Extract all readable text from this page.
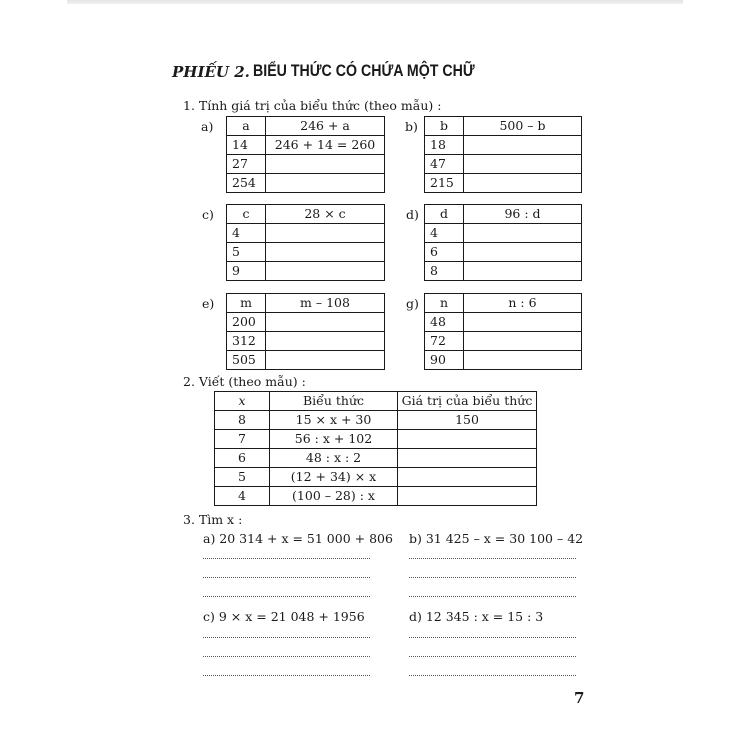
PHIẾU 2. BIỂU THỨC CÓ CHỨA MỘT CHỮ
1. Tính giá trị của biểu thức (theo mẫu) :
a) a	246 + a
14	246 + 14 = 260
27	
254	
b) b	500 – b
18	
47	
215	
c) c	28 × c
4	
5	
9	
d) d	96 : d
4	
6	
8	
e) m	m – 108
200	
312	
505	
g) n	n : 6
48	
72	
90	
2. Viết (theo mẫu) :
x	Biểu thức	Giá trị của biểu thức
8	15 × x + 30	150
7	56 : x + 102	
6	48 : x : 2	
5	(12 + 34) × x	
4	(100 – 28) : x	
3. Tìm x :
a) 20 314 + x = 51 000 + 806 b) 31 425 – x = 30 100 – 42
c) 9 × x = 21 048 + 1956	d) 12 345 : x = 15 : 3
7
